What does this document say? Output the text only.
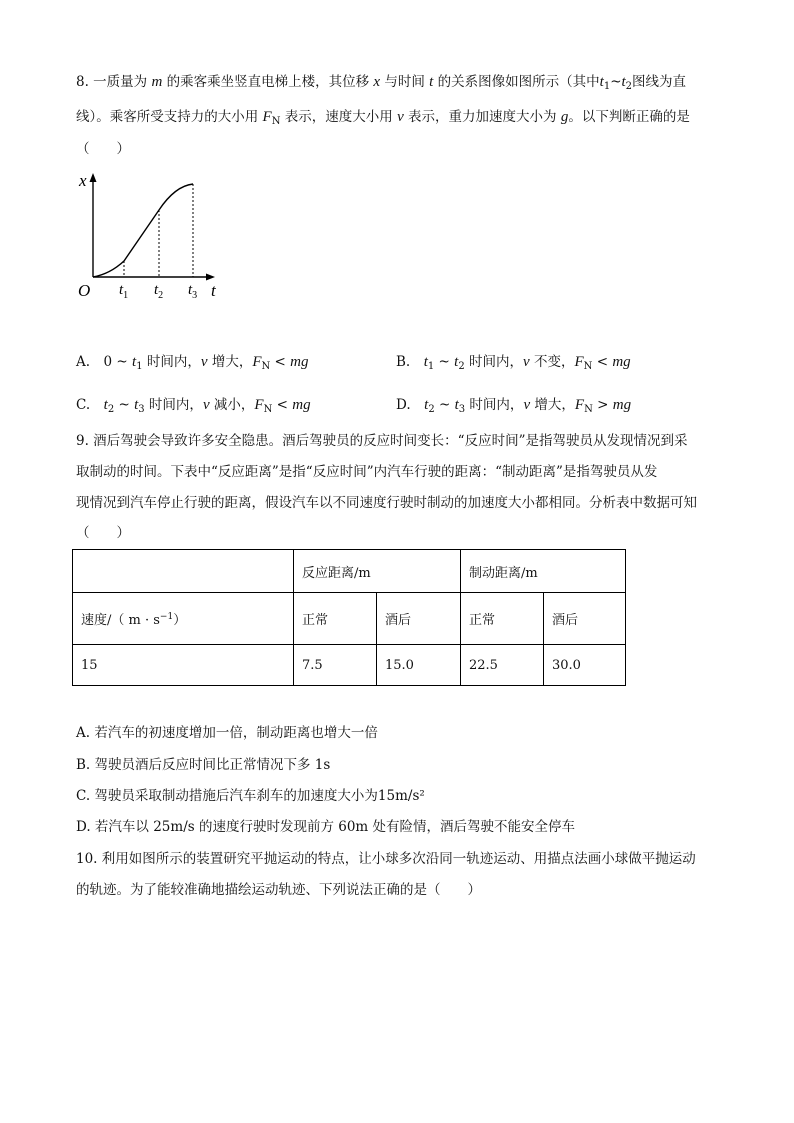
8. 一质量为 m 的乘客乘坐竖直电梯上楼，其位移 x 与时间 t 的关系图像如图所示（其中$t_1\sim t_2$图线为直
线）。乘客所受支持力的大小用 $F_N$ 表示，速度大小用 v 表示，重力加速度大小为 g。以下判断正确的是
（　　）
x
t
O $t_1$ $t_2$ $t_3$
A.　0 ~ $t_1$ 时间内，v 增大，$F_N$ < mg	B.　$t_1$ ~ $t_2$ 时间内，v 不变，$F_N$ < mg
C.　$t_2$ ~ $t_3$ 时间内，v 减小，$F_N$ < mg	D.　$t_2$ ~ $t_3$ 时间内，v 增大，$F_N$ > mg
9. 酒后驾驶会导致许多安全隐患。酒后驾驶员的反应时间变长：“反应时间”是指驾驶员从发现情况到采
取制动的时间。下表中“反应距离”是指“反应时间”内汽车行驶的距离：“制动距离”是指驾驶员从发
现情况到汽车停止行驶的距离，假设汽车以不同速度行驶时制动的加速度大小都相同。分析表中数据可知
（　　）
	反应距离/m		制动距离/m	
速度/（ $m \cdot s^{-1}$）	正常	酒后	正常	酒后
15	7.5	15.0	22.5	30.0
A. 若汽车的初速度增加一倍，制动距离也增大一倍
B. 驾驶员酒后反应时间比正常情况下多 1s
C. 驾驶员采取制动措施后汽车刹车的加速度大小为15m/s²
D. 若汽车以 25m/s 的速度行驶时发现前方 60m 处有险情，酒后驾驶不能安全停车
10. 利用如图所示的装置研究平抛运动的特点，让小球多次沿同一轨迹运动、用描点法画小球做平抛运动
的轨迹。为了能较准确地描绘运动轨迹、下列说法正确的是（　　）
